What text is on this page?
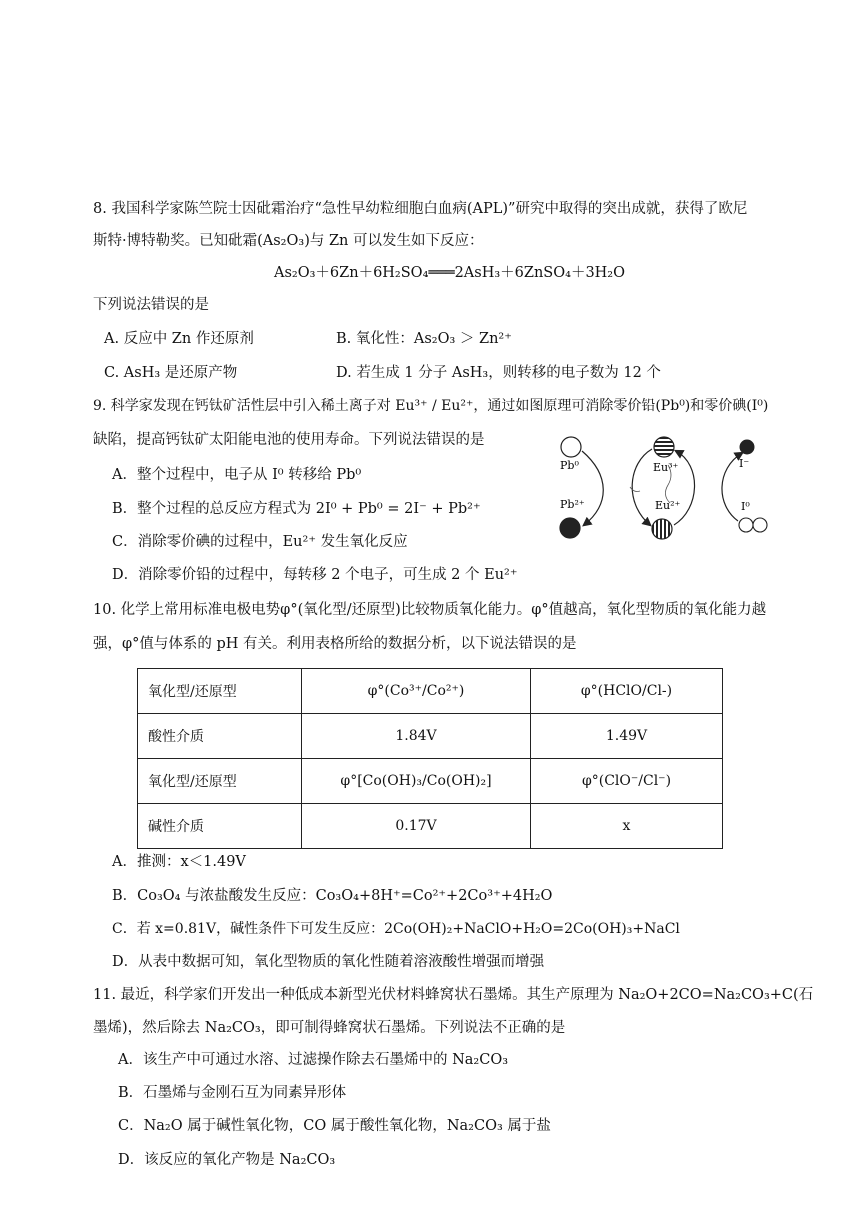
8. 我国科学家陈竺院士因砒霜治疗“急性早幼粒细胞白血病(APL)”研究中取得的突出成就，获得了欧尼
斯特·博特勒奖。已知砒霜(As₂O₃)与 Zn 可以发生如下反应：
As₂O₃＋6Zn＋6H₂SO₄═══2AsH₃＋6ZnSO₄＋3H₂O
下列说法错误的是
A. 反应中 Zn 作还原剂	B. 氧化性：As₂O₃ ＞ Zn²⁺
C. AsH₃ 是还原产物	D. 若生成 1 分子 AsH₃，则转移的电子数为 12 个
9. 科学家发现在钙钛矿活性层中引入稀土离子对 Eu³⁺ / Eu²⁺，通过如图原理可消除零价铅(Pb⁰)和零价碘(I⁰)
缺陷，提高钙钛矿太阳能电池的使用寿命。下列说法错误的是
A．整个过程中，电子从 I⁰ 转移给 Pb⁰
B．整个过程的总反应方程式为 2I⁰ + Pb⁰ = 2I⁻ + Pb²⁺
C．消除零价碘的过程中，Eu²⁺ 发生氧化反应
D．消除零价铅的过程中，每转移 2 个电子，可生成 2 个 Eu²⁺
Pb⁰
Pb²⁺
Eu³⁺
Eu²⁺
I⁻
I⁰
10. 化学上常用标准电极电势φ°(氧化型/还原型)比较物质氧化能力。φ°值越高，氧化型物质的氧化能力越
强，φ°值与体系的 pH 有关。利用表格所给的数据分析，以下说法错误的是
氧化型/还原型	φ°(Co³⁺/Co²⁺)	φ°(HClO/Cl-)
酸性介质	1.84V	1.49V
氧化型/还原型	φ°[Co(OH)₃/Co(OH)₂]	φ°(ClO⁻/Cl⁻)
碱性介质	0.17V	x
A．推测：x＜1.49V
B．Co₃O₄ 与浓盐酸发生反应：Co₃O₄+8H⁺=Co²⁺+2Co³⁺+4H₂O
C．若 x=0.81V，碱性条件下可发生反应：2Co(OH)₂+NaClO+H₂O=2Co(OH)₃+NaCl
D．从表中数据可知，氧化型物质的氧化性随着溶液酸性增强而增强
11. 最近，科学家们开发出一种低成本新型光伏材料蜂窝状石墨烯。其生产原理为 Na₂O+2CO=Na₂CO₃+C(石
墨烯)，然后除去 Na₂CO₃，即可制得蜂窝状石墨烯。下列说法不正确的是
A．该生产中可通过水溶、过滤操作除去石墨烯中的 Na₂CO₃
B．石墨烯与金刚石互为同素异形体
C．Na₂O 属于碱性氧化物，CO 属于酸性氧化物，Na₂CO₃ 属于盐
D．该反应的氧化产物是 Na₂CO₃
